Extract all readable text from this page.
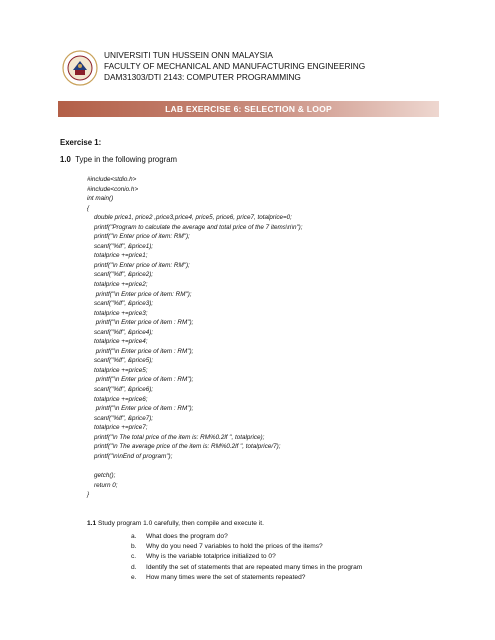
UNIVERSITI TUN HUSSEIN ONN MALAYSIA
FACULTY OF MECHANICAL AND MANUFACTURING ENGINEERING
DAM31303/DTI 2143: COMPUTER PROGRAMMING
LAB EXERCISE 6: SELECTION & LOOP
Exercise 1:
1.0 Type in the following program
#include<stdio.h>
#include<conio.h>
int main()
{
double price1, price2 ,price3,price4, price5, price6, price7, totalprice=0;
printf("Program to calculate the average and total price of the 7 items\n\n");
printf("\n Enter price of item: RM");
scanf("%lf", &price1);
totalprice +=price1;
printf("\n Enter price of item: RM");
scanf("%lf", &price2);
totalprice +=price2;
printf("\n Enter price of item: RM");
scanf("%lf", &price3);
totalprice +=price3;
printf("\n Enter price of item : RM");
scanf("%lf", &price4);
totalprice +=price4;
printf("\n Enter price of item : RM");
scanf("%lf", &price5);
totalprice +=price5;
printf("\n Enter price of item : RM");
scanf("%lf", &price6);
totalprice +=price6;
printf("\n Enter price of item : RM");
scanf("%lf", &price7);
totalprice +=price7;
printf("\n The total price of the item is: RM%0.2lf ", totalprice);
printf("\n The average price of the item is: RM%0.2lf ", totalprice/7);
printf("\n\nEnd of program");
getch();
return 0;
}
1.1 Study program 1.0 carefully, then compile and execute it.
a.	What does the program do?
b.	Why do you need 7 variables to hold the prices of the items?
c.	Why is the variable totalprice initialized to 0?
d.	Identify the set of statements that are repeated many times in the program
e.	How many times were the set of statements repeated?
